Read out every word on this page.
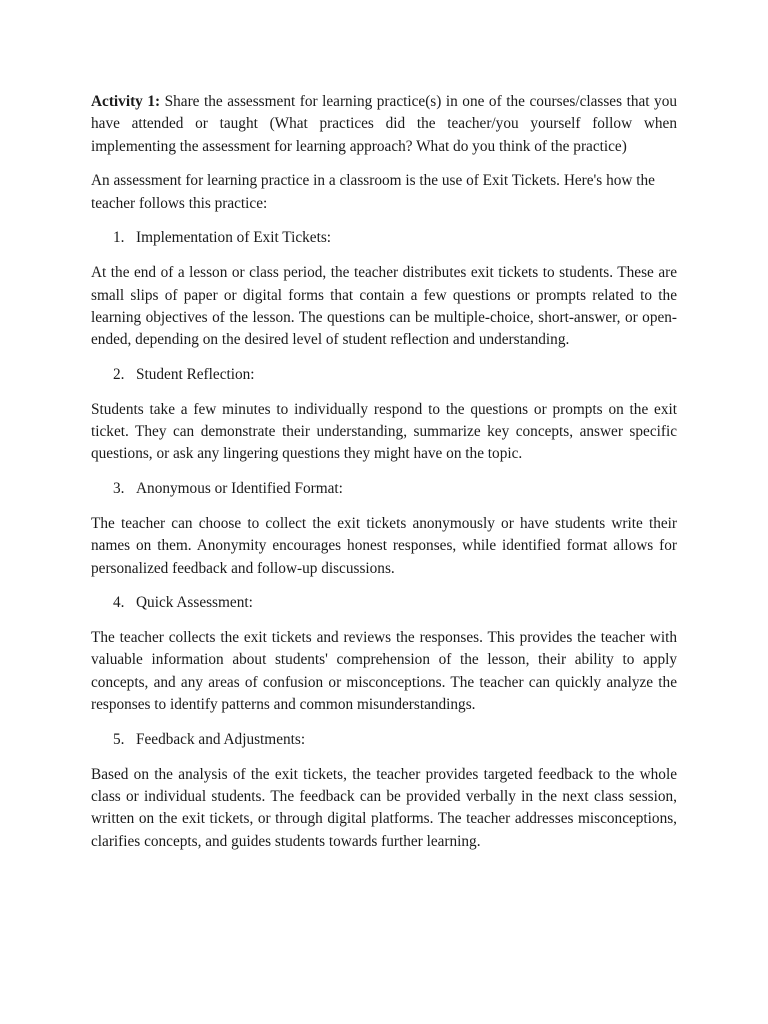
Activity 1: Share the assessment for learning practice(s) in one of the courses/classes that you have attended or taught (What practices did the teacher/you yourself follow when implementing the assessment for learning approach? What do you think of the practice)

An assessment for learning practice in a classroom is the use of Exit Tickets. Here's how the teacher follows this practice:

1. Implementation of Exit Tickets:

At the end of a lesson or class period, the teacher distributes exit tickets to students. These are small slips of paper or digital forms that contain a few questions or prompts related to the learning objectives of the lesson. The questions can be multiple-choice, short-answer, or open-ended, depending on the desired level of student reflection and understanding.

2. Student Reflection:

Students take a few minutes to individually respond to the questions or prompts on the exit ticket. They can demonstrate their understanding, summarize key concepts, answer specific questions, or ask any lingering questions they might have on the topic.

3. Anonymous or Identified Format:

The teacher can choose to collect the exit tickets anonymously or have students write their names on them. Anonymity encourages honest responses, while identified format allows for personalized feedback and follow-up discussions.

4. Quick Assessment:

The teacher collects the exit tickets and reviews the responses. This provides the teacher with valuable information about students' comprehension of the lesson, their ability to apply concepts, and any areas of confusion or misconceptions. The teacher can quickly analyze the responses to identify patterns and common misunderstandings.

5. Feedback and Adjustments:

Based on the analysis of the exit tickets, the teacher provides targeted feedback to the whole class or individual students. The feedback can be provided verbally in the next class session, written on the exit tickets, or through digital platforms. The teacher addresses misconceptions, clarifies concepts, and guides students towards further learning.
